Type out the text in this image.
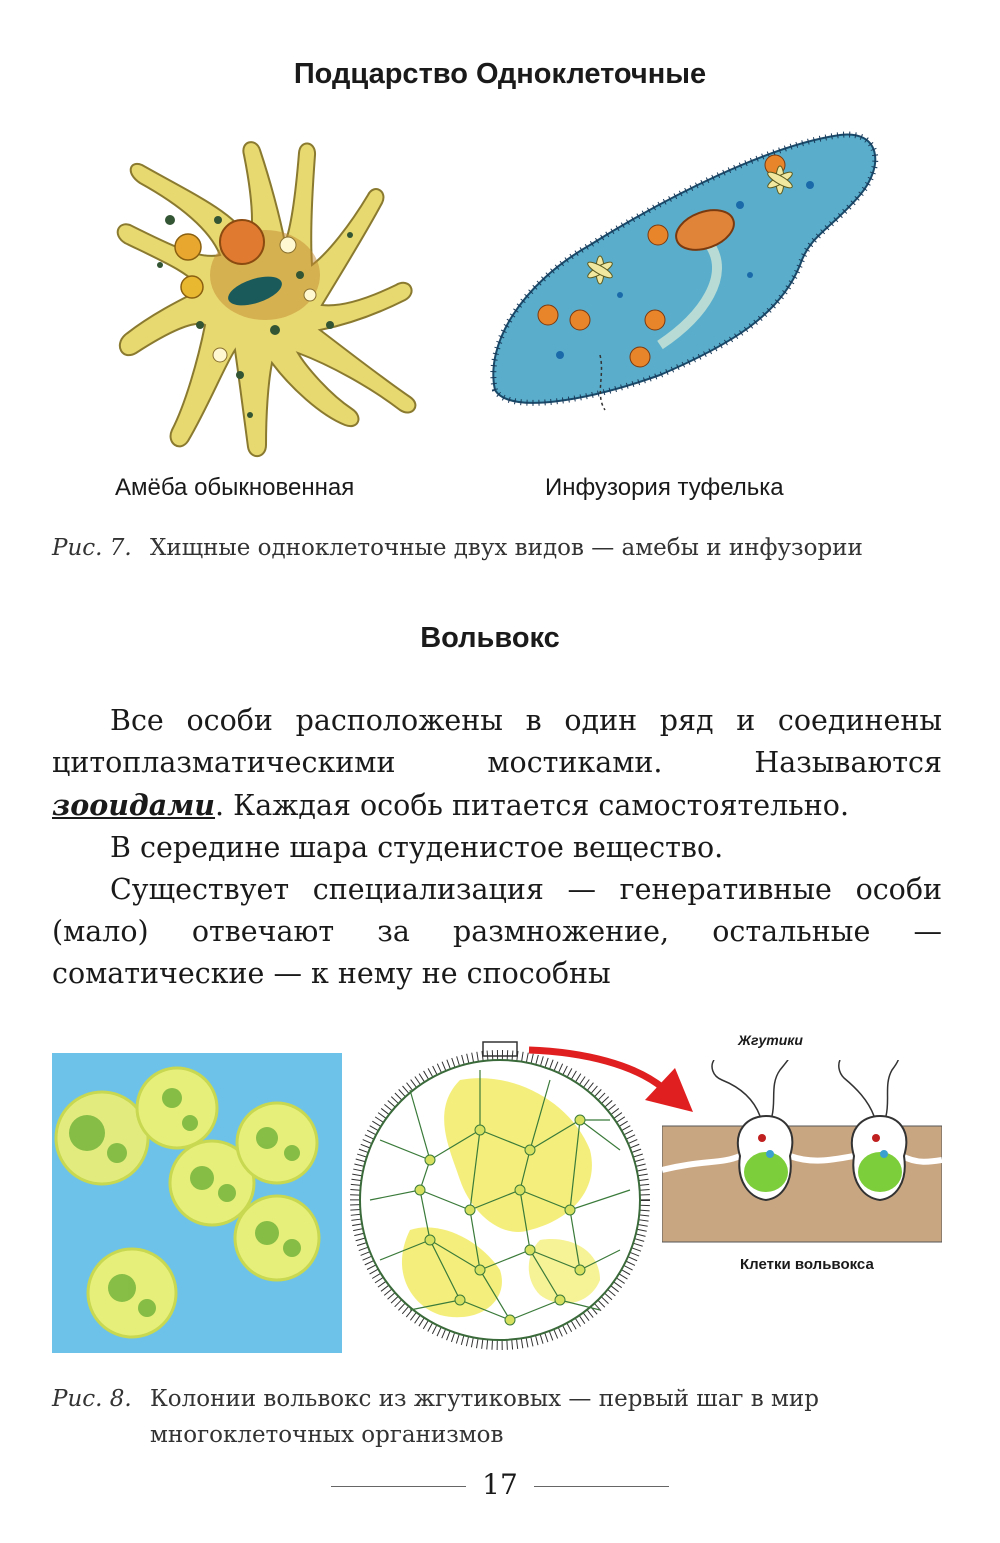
Подцарство Одноклеточные
Амёба обыкновенная	Инфузория туфелька
Рис. 7. Хищные одноклеточные двух видов — амебы и инфузории
Вольвокс

Все особи расположены в один ряд и соединены цитоплазматическими мостиками. Называются зооидами. Каждая особь питается самостоятельно.

В середине шара студенистое вещество.

Существует специализация — генеративные особи (мало) отвечают за размножение, остальные — соматические — к нему не способны

Жгутики
Клетки вольвокса
Рис. 8. Колонии вольвокс из жгутиковых — первый шаг в мир
многоклеточных организмов
17
